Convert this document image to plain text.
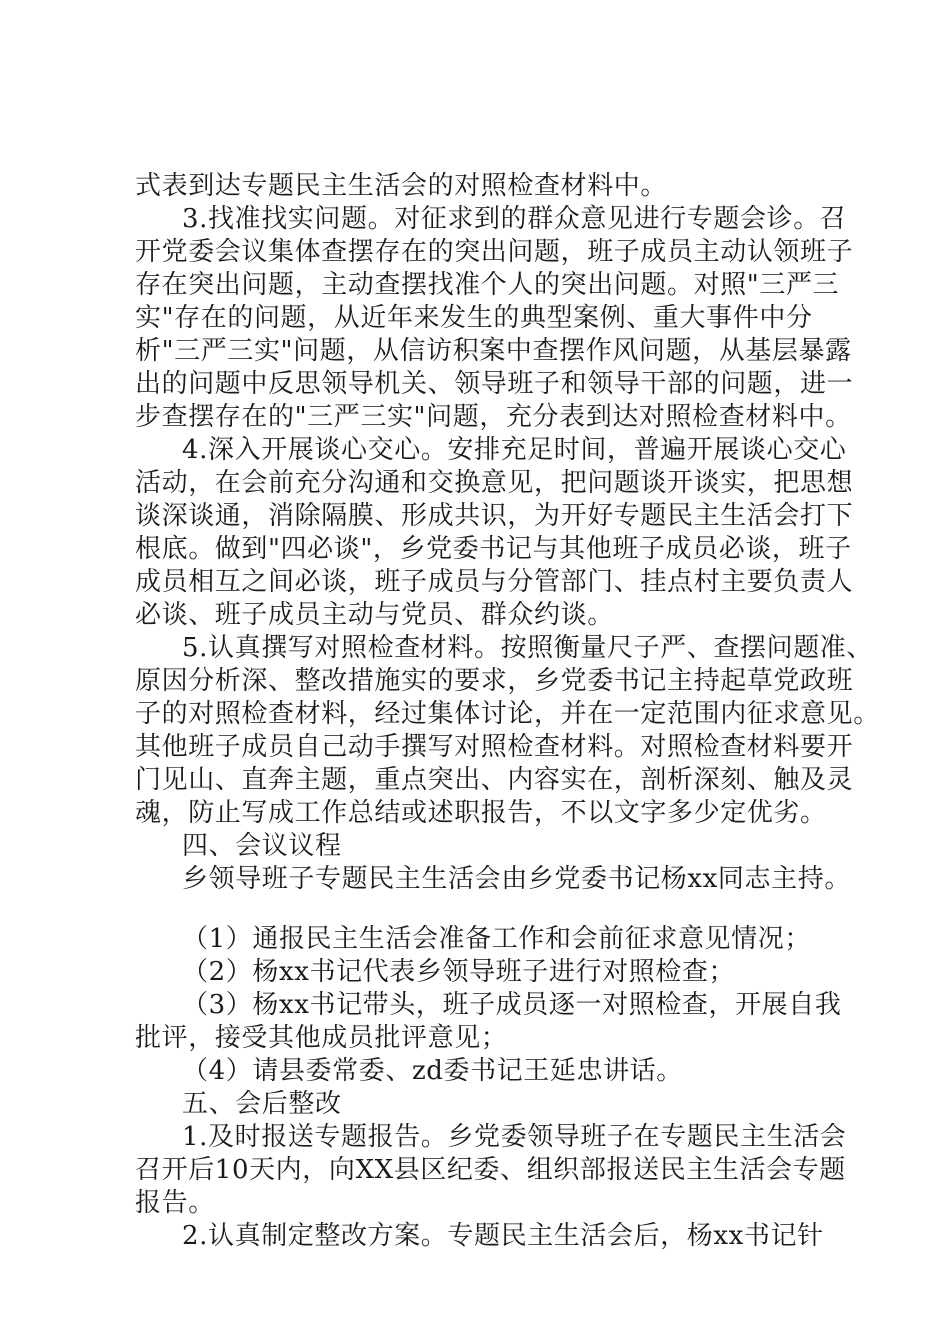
式表到达专题民主生活会的对照检查材料中。
3.找准找实问题。对征求到的群众意见进行专题会诊。召
开党委会议集体查摆存在的突出问题，班子成员主动认领班子
存在突出问题，主动查摆找准个人的突出问题。对照"三严三
实"存在的问题，从近年来发生的典型案例、重大事件中分
析"三严三实"问题，从信访积案中查摆作风问题，从基层暴露
出的问题中反思领导机关、领导班子和领导干部的问题，进一
步查摆存在的"三严三实"问题，充分表到达对照检查材料中。
4.深入开展谈心交心。安排充足时间，普遍开展谈心交心
活动，在会前充分沟通和交换意见，把问题谈开谈实，把思想
谈深谈通，消除隔膜、形成共识，为开好专题民主生活会打下
根底。做到"四必谈"，乡党委书记与其他班子成员必谈，班子
成员相互之间必谈，班子成员与分管部门、挂点村主要负责人
必谈、班子成员主动与党员、群众约谈。
5.认真撰写对照检查材料。按照衡量尺子严、查摆问题准、
原因分析深、整改措施实的要求，乡党委书记主持起草党政班
子的对照检查材料，经过集体讨论，并在一定范围内征求意见。
其他班子成员自己动手撰写对照检查材料。对照检查材料要开
门见山、直奔主题，重点突出、内容实在，剖析深刻、触及灵
魂，防止写成工作总结或述职报告，不以文字多少定优劣。
四、会议议程
乡领导班子专题民主生活会由乡党委书记杨xx同志主持。
（1）通报民主生活会准备工作和会前征求意见情况；
（2）杨xx书记代表乡领导班子进行对照检查；
（3）杨xx书记带头，班子成员逐一对照检查，开展自我
批评，接受其他成员批评意见；
（4）请县委常委、zd委书记王延忠讲话。
五、会后整改
1.及时报送专题报告。乡党委领导班子在专题民主生活会
召开后10天内，向XX县区纪委、组织部报送民主生活会专题
报告。
2.认真制定整改方案。专题民主生活会后，杨xx书记针
